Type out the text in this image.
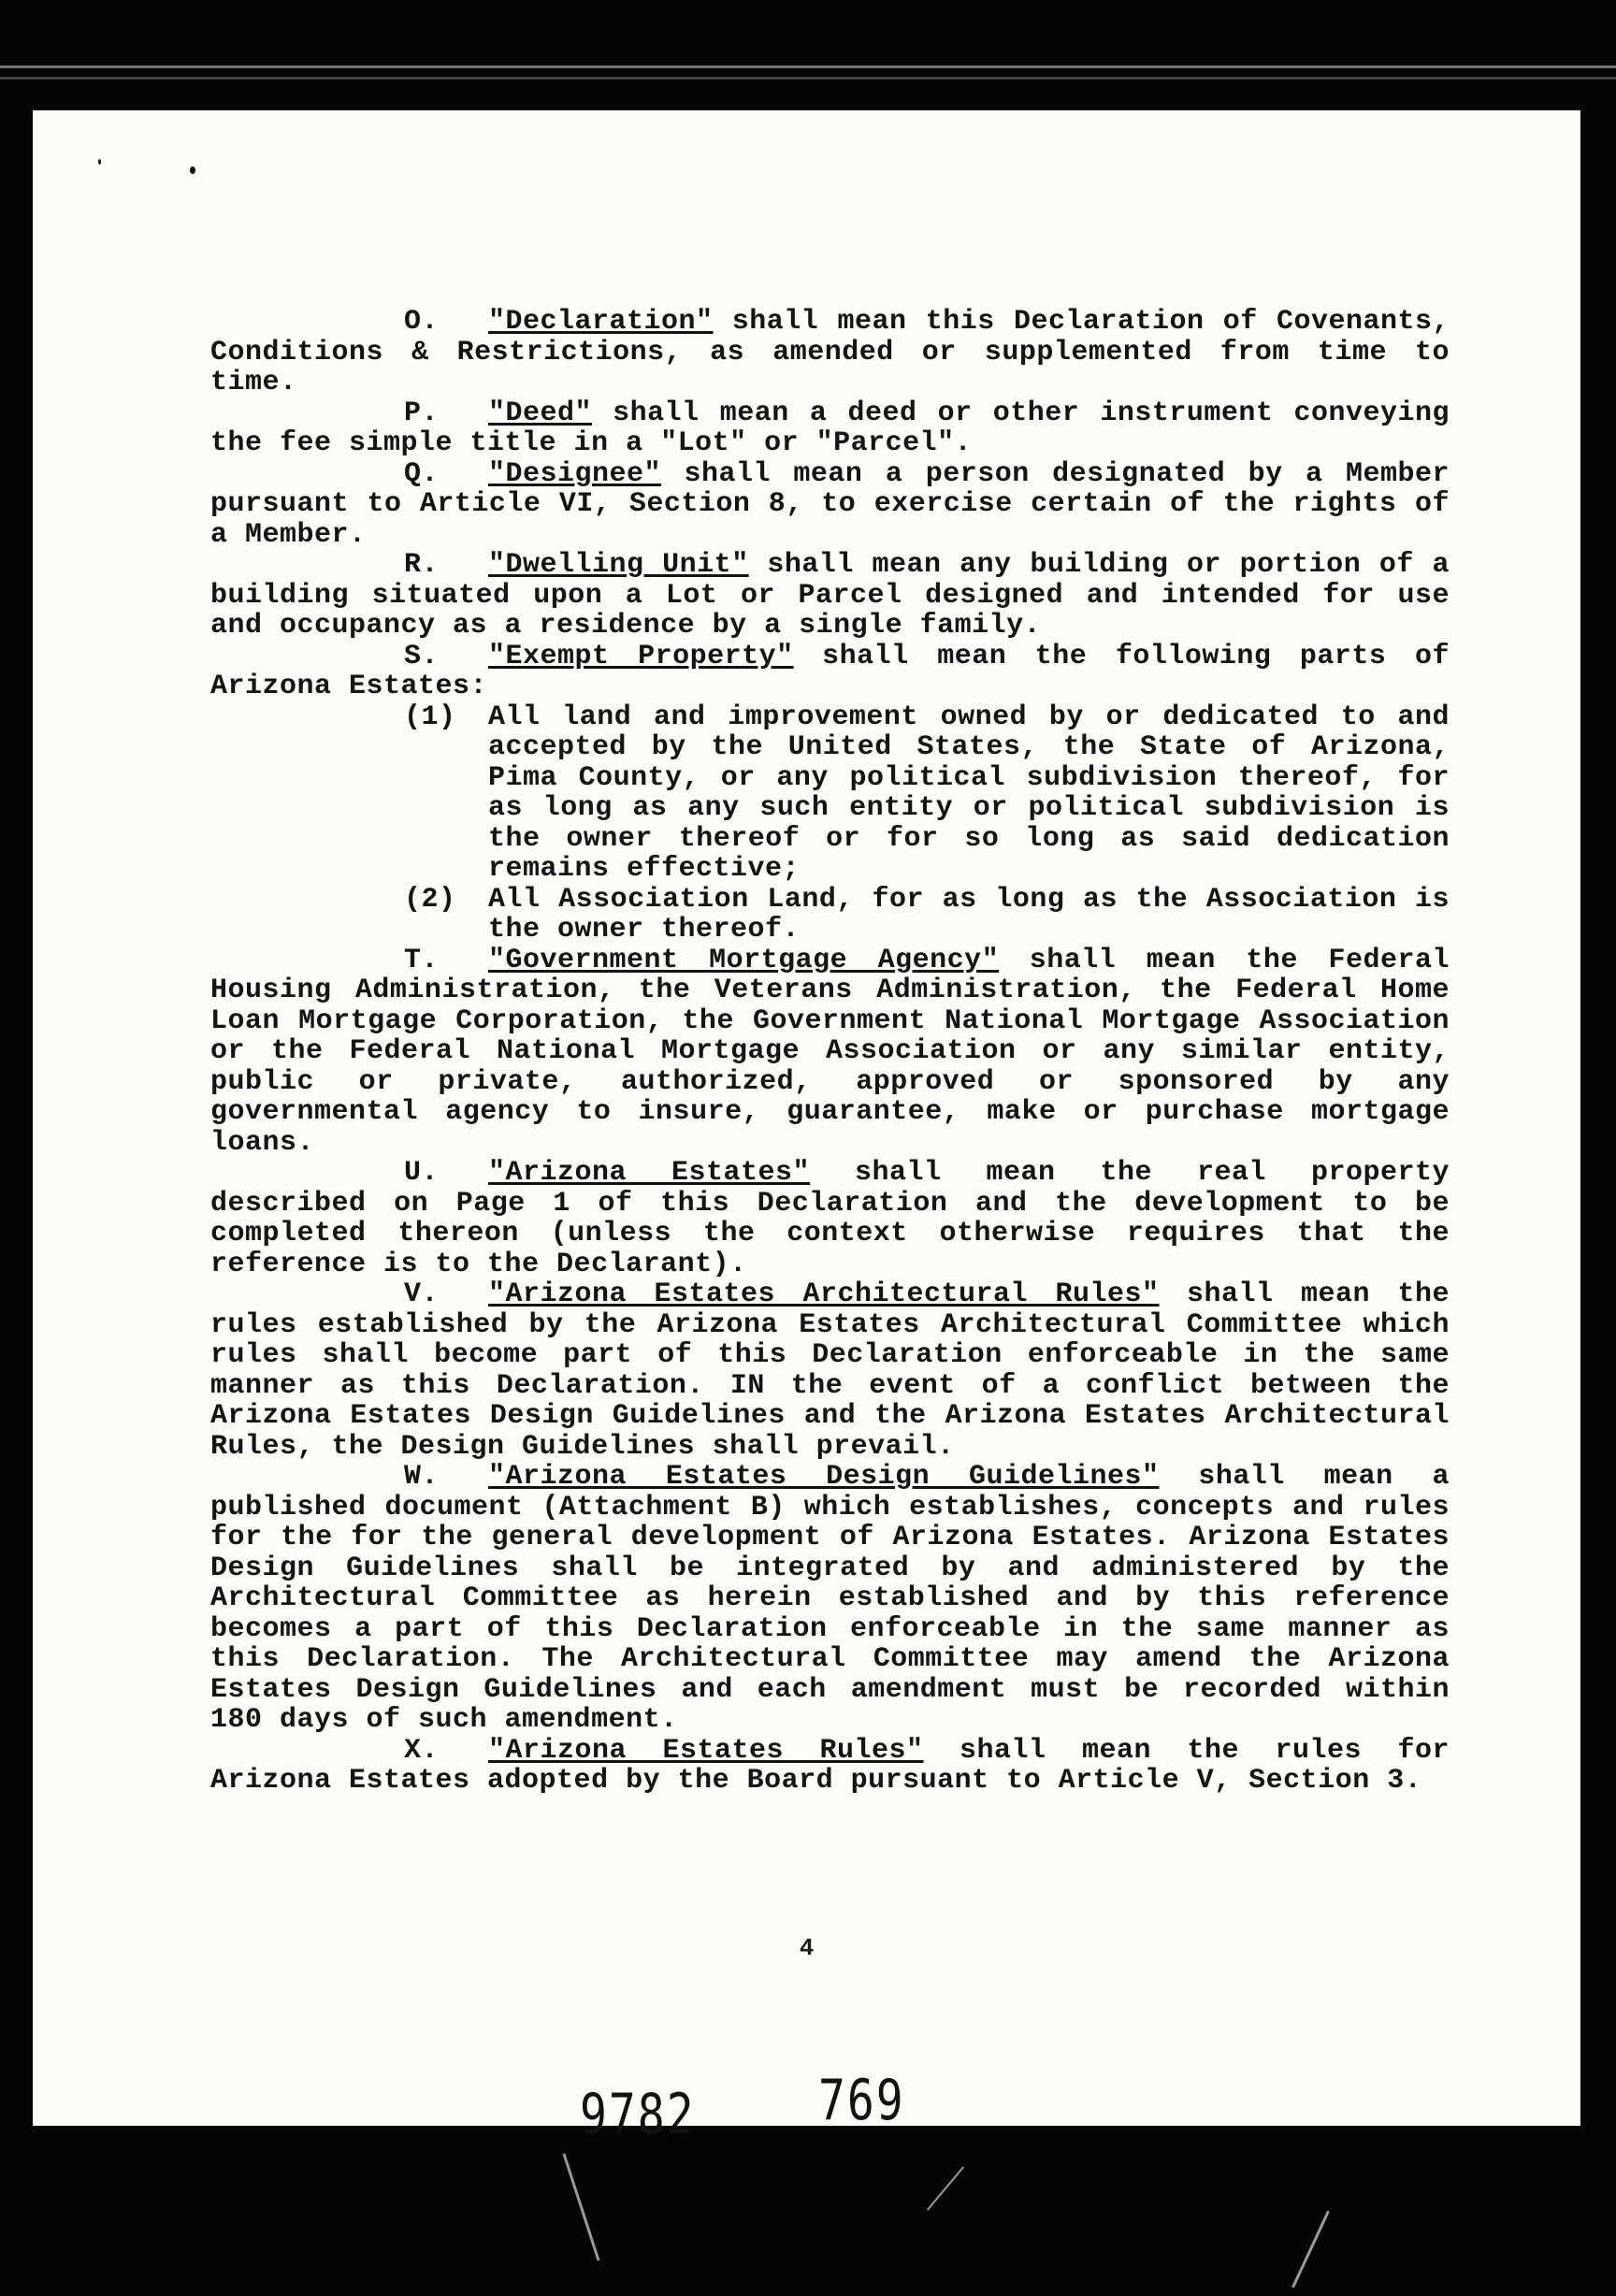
O. "Declaration" shall mean this Declaration of Covenants, Conditions & Restrictions, as amended or supplemented from time to time.

P. "Deed" shall mean a deed or other instrument conveying the fee simple title in a "Lot" or "Parcel".

Q. "Designee" shall mean a person designated by a Member pursuant to Article VI, Section 8, to exercise certain of the rights of a Member.

R. "Dwelling Unit" shall mean any building or portion of a building situated upon a Lot or Parcel designed and intended for use and occupancy as a residence by a single family.

S. "Exempt Property" shall mean the following parts of Arizona Estates:

(1)	All land and improvement owned by or dedicated to and accepted by the United States, the State of Arizona, Pima County, or any political subdivision thereof, for as long as any such entity or political subdivision is the owner thereof or for so long as said dedication remains effective;
(2)	All Association Land, for as long as the Association is the owner thereof.

T. "Government Mortgage Agency" shall mean the Federal Housing Administration, the Veterans Administration, the Federal Home Loan Mortgage Corporation, the Government National Mortgage Association or the Federal National Mortgage Association or any similar entity, public or private, authorized, approved or sponsored by any governmental agency to insure, guarantee, make or purchase mortgage loans.

U. "Arizona Estates" shall mean the real property described on Page 1 of this Declaration and the development to be completed thereon (unless the context otherwise requires that the reference is to the Declarant).

V. "Arizona Estates Architectural Rules" shall mean the rules established by the Arizona Estates Architectural Committee which rules shall become part of this Declaration enforceable in the same manner as this Declaration. IN the event of a conflict between the Arizona Estates Design Guidelines and the Arizona Estates Architectural Rules, the Design Guidelines shall prevail.

W. "Arizona Estates Design Guidelines" shall mean a published document (Attachment B) which establishes, concepts and rules for the for the general development of Arizona Estates. Arizona Estates Design Guidelines shall be integrated by and administered by the Architectural Committee as herein established and by this reference becomes a part of this Declaration enforceable in the same manner as this Declaration. The Architectural Committee may amend the Arizona Estates Design Guidelines and each amendment must be recorded within 180 days of such amendment.

X. "Arizona Estates Rules" shall mean the rules for Arizona Estates adopted by the Board pursuant to Article V, Section 3.

4
9782	769
